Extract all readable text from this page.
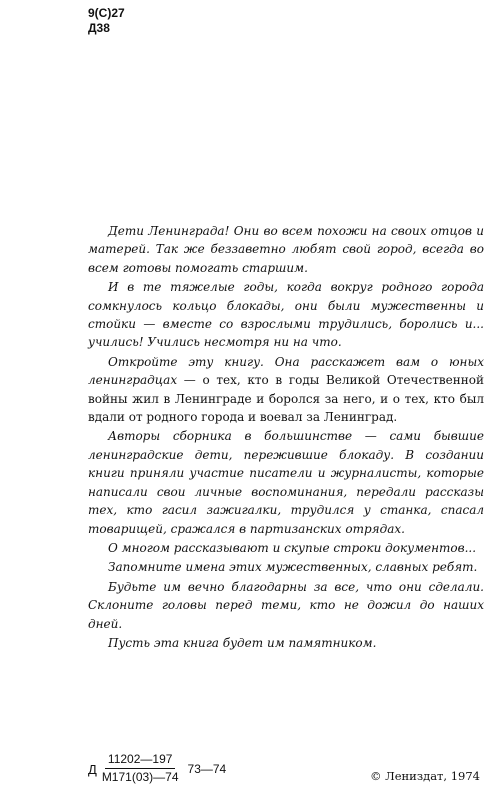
9(С)27
Д38

Дети Ленинграда! Они во всем похожи на своих отцов и матерей. Так же беззаветно любят свой город, всегда во всем готовы помогать старшим.

И в те тяжелые годы, когда вокруг родного города сомкнулось кольцо блокады, они были мужественны и стойки — вместе со взрослыми трудились, боролись и... учились! Учились несмотря ни на что.

Откройте эту книгу. Она расскажет вам о юных ленинградцах — о тех, кто в годы Великой Отечественной войны жил в Ленинграде и боролся за него, и о тех, кто был вдали от родного города и воевал за Ленинград.

Авторы сборника в большинстве — сами бывшие ленинградские дети, пережившие блокаду. В создании книги приняли участие писатели и журналисты, которые написали свои личные воспоминания, передали рассказы тех, кто гасил зажигалки, трудился у станка, спасал товарищей, сражался в партизанских отрядах.

О многом рассказывают и скупые строки документов...

Запомните имена этих мужественных, славных ребят.

Будьте им вечно благодарны за все, что они сделали. Склоните головы перед теми, кто не дожил до наших дней.

Пусть эта книга будет им памятником.

Д $\frac{11202—197}{М171(03)—74}$ 73—74	© Лениздат, 1974
